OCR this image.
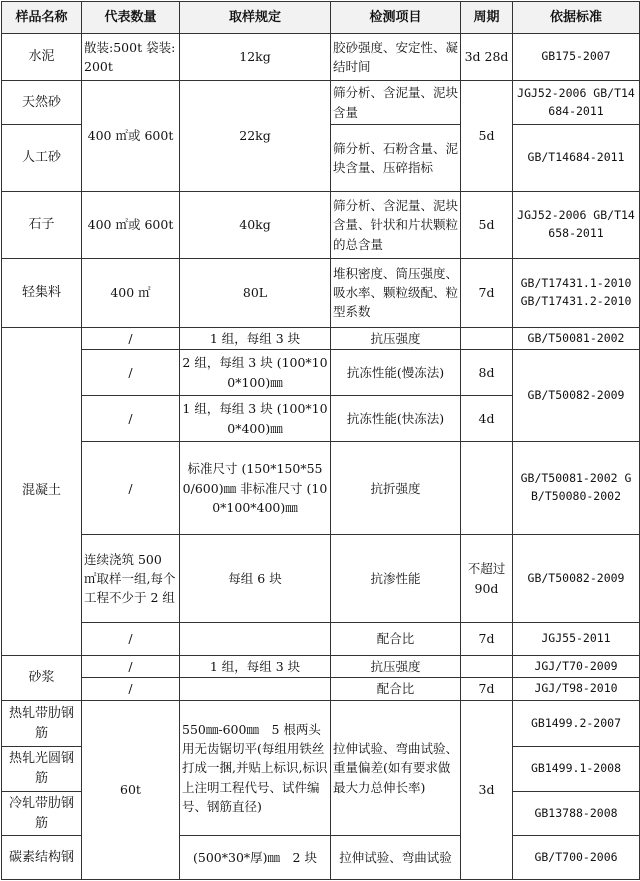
样品名称	代表数量	取样规定	检测项目	周期	依据标准
水泥	散装:500t 袋装:200t	12kg	胶砂强度、安定性、凝结时间	3d 28d	GB175-2007
天然砂	400 ㎡或 600t	22kg	筛分析、含泥量、泥块含量	5d	JGJ52-2006 GB/T14684-2011
人工砂			筛分析、石粉含量、泥块含量、压碎指标		GB/T14684-2011
石子	400 ㎡或 600t	40kg	筛分析、含泥量、泥块含量、针状和片状颗粒的总含量	5d	JGJ52-2006 GB/T14658-2011
轻集料	400 ㎡	80L	堆积密度、筒压强度、吸水率、颗粒级配、粒型系数	7d	GB/T17431.1-2010 GB/T17431.2-2010
混凝土	/	1 组，每组 3 块	抗压强度		GB/T50081-2002
	/	2 组，每组 3 块 (100*100*100)㎜	抗冻性能(慢冻法)	8d	GB/T50082-2009
	/	1 组，每组 3 块 (100*100*400)㎜	抗冻性能(快冻法)	4d	
	/	标准尺寸 (150*150*550/600)㎜ 非标准尺寸 (100*100*400)㎜	抗折强度		GB/T50081-2002 GB/T50080-2002
	连续浇筑 500 ㎡取样一组,每个工程不少于 2 组	每组 6 块	抗渗性能	不超过 90d	GB/T50082-2009
	/		配合比	7d	JGJ55-2011
砂浆	/	1 组，每组 3 块	抗压强度		JGJ/T70-2009
	/		配合比	7d	JGJ/T98-2010
热轧带肋钢筋	60t	550㎜-600㎜　5 根两头用无齿锯切平(每组用铁丝打成一捆,并贴上标识,标识上注明工程代号、试件编号、钢筋直径)	拉伸试验、弯曲试验、重量偏差(如有要求做最大力总伸长率)	3d	GB1499.2-2007
热轧光圆钢筋					GB1499.1-2008
冷轧带肋钢筋					GB13788-2008
碳素结构钢		(500*30*厚)㎜　2 块	拉伸试验、弯曲试验		GB/T700-2006
